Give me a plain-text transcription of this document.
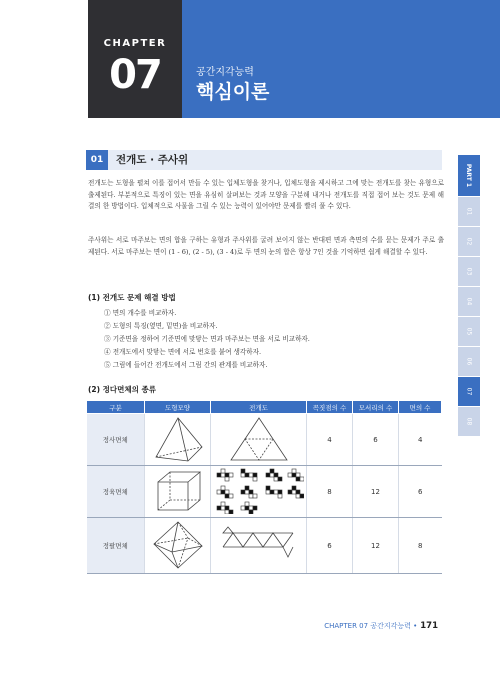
CHAPTER
07	공간지각능력
핵심이론
01	전개도 · 주사위

전개도는 도형을 펼쳐 이를 접어서 만들 수 있는 입체도형을 찾거나, 입체도형을 제시하고 그에 맞는 전개도를 찾는 유형으로 출제된다. 부분적으로 특징이 있는 면을 유심히 살펴보는 것과 모양을 구분해 내거나 전개도를 직접 접어 보는 것도 문제 해결의 한 방법이다. 입체적으로 사물을 그릴 수 있는 능력이 있어야만 문제를 빨리 풀 수 있다.

주사위는 서로 마주보는 면의 합을 구하는 유형과 주사위를 굴려 보이지 않는 반대편 면과 측면의 수를 묻는 문제가 주로 출제된다. 서로 마주보는 면이 (1 - 6), (2 - 5), (3 - 4)로 두 면의 눈의 합은 항상 7인 것을 기억하면 쉽게 해결할 수 있다.

(1) 전개도 문제 해결 방법
① 면의 개수를 비교하자.
② 도형의 특징(옆면, 밑면)을 비교하자.
③ 기준면을 정하여 기준면에 맞닿는 면과 마주보는 면을 서로 비교하자.
④ 전개도에서 맞닿는 면에 서로 번호를 붙여 생각하자.
⑤ 그림에 들어간 전개도에서 그림 간의 관계를 비교하자.
(2) 정다면체의 종류
구분	도형모양	전개도	꼭짓점의 수	모서리의 수	면의 수
정사면체			4	6	4
정육면체			8	12	6
정팔면체			6	12	8
PART 1
01
02
03
04
05
06
07
08
CHAPTER 07 공간지각능력 • 171
